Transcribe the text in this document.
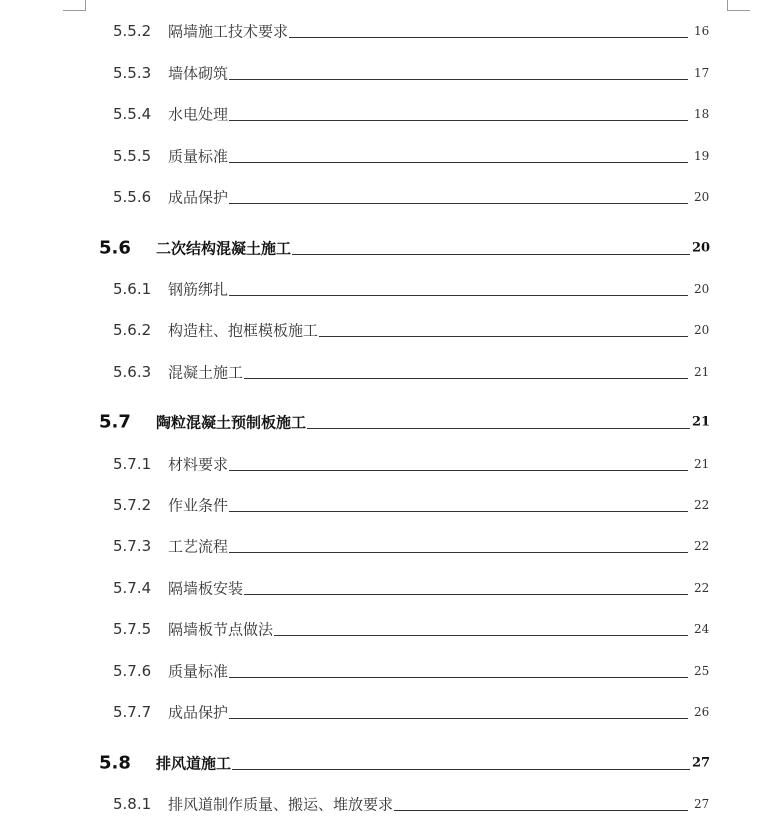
5.5.2 隔墙施工技术要求	16
5.5.3 墙体砌筑	17
5.5.4 水电处理	18
5.5.5 质量标准	19
5.5.6 成品保护	20
5.6 二次结构混凝土施工	20
5.6.1 钢筋绑扎	20
5.6.2 构造柱、抱框模板施工	20
5.6.3 混凝土施工	21
5.7 陶粒混凝土预制板施工	21
5.7.1 材料要求	21
5.7.2 作业条件	22
5.7.3 工艺流程	22
5.7.4 隔墙板安装	22
5.7.5 隔墙板节点做法	24
5.7.6 质量标准	25
5.7.7 成品保护	26
5.8 排风道施工	27
5.8.1 排风道制作质量、搬运、堆放要求	27
